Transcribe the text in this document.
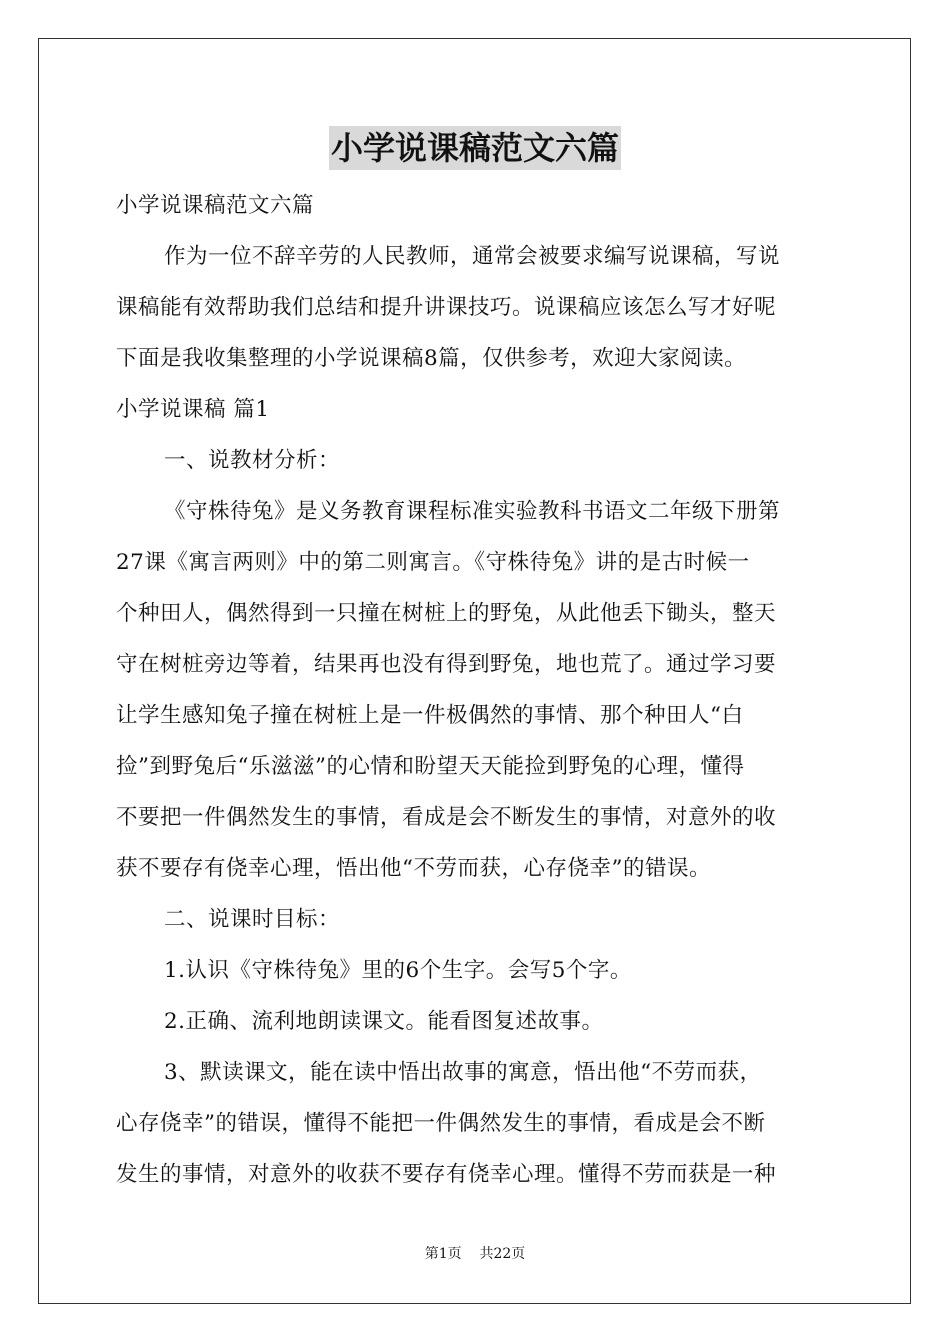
小学说课稿范文六篇
小学说课稿范文六篇
作为一位不辞辛劳的人民教师，通常会被要求编写说课稿，写说
课稿能有效帮助我们总结和提升讲课技巧。说课稿应该怎么写才好呢
下面是我收集整理的小学说课稿8篇，仅供参考，欢迎大家阅读。
小学说课稿 篇1
一、说教材分析：
《守株待兔》是义务教育课程标准实验教科书语文二年级下册第
27课《寓言两则》中的第二则寓言。《守株待兔》讲的是古时候一
个种田人，偶然得到一只撞在树桩上的野兔，从此他丢下锄头，整天
守在树桩旁边等着，结果再也没有得到野兔，地也荒了。通过学习要
让学生感知兔子撞在树桩上是一件极偶然的事情、那个种田人“白
捡”到野兔后“乐滋滋”的心情和盼望天天能捡到野兔的心理，懂得
不要把一件偶然发生的事情，看成是会不断发生的事情，对意外的收
获不要存有侥幸心理，悟出他“不劳而获，心存侥幸”的错误。
二、说课时目标：
1.认识《守株待兔》里的6个生字。会写5个字。
2.正确、流利地朗读课文。能看图复述故事。
3、默读课文，能在读中悟出故事的寓意，悟出他“不劳而获，
心存侥幸”的错误，懂得不能把一件偶然发生的事情，看成是会不断
发生的事情，对意外的收获不要存有侥幸心理。懂得不劳而获是一种
第1页    共22页
